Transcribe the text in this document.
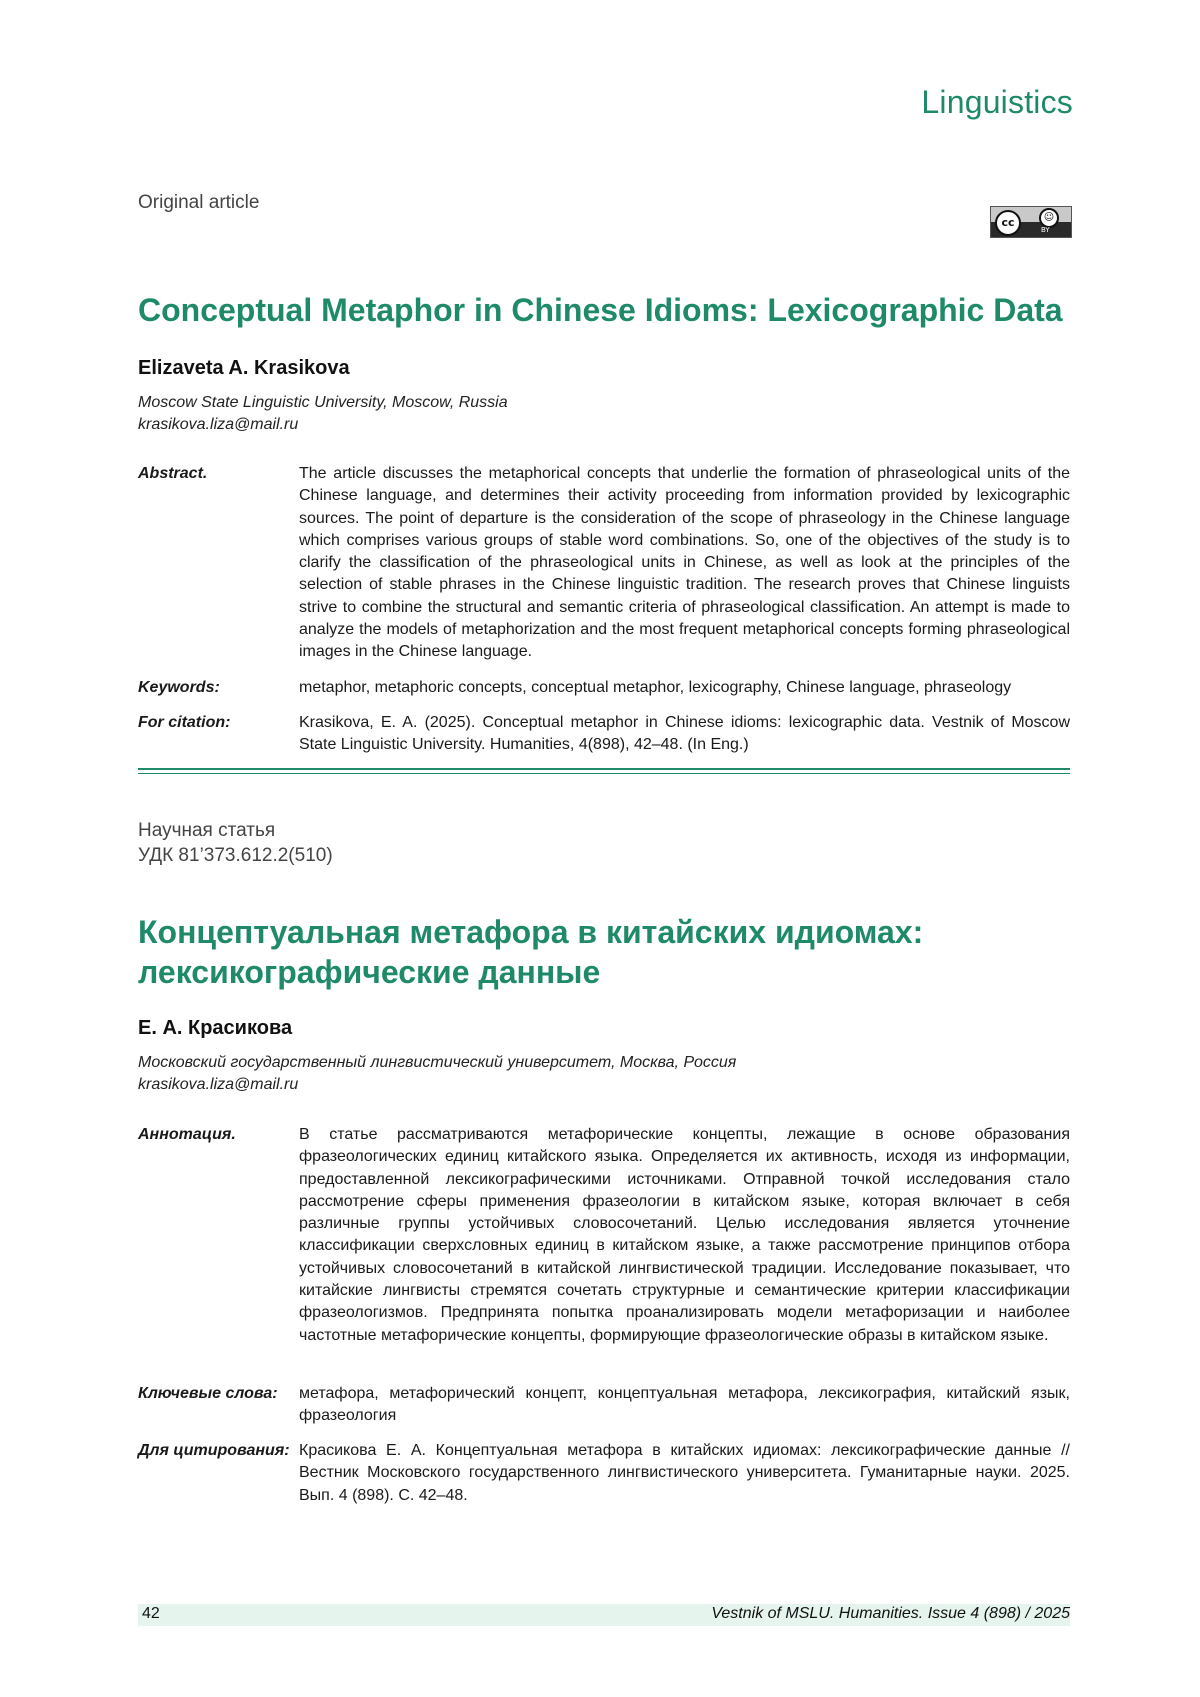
Linguistics
Original article
cc	☺
BY
Conceptual Metaphor in Chinese Idioms: Lexicographic Data
Elizaveta A. Krasikova
Moscow State Linguistic University, Moscow, Russia
krasikova.liza@mail.ru
Abstract.	The article discusses the metaphorical concepts that underlie the formation of phraseological units of the Chinese language, and determines their activity proceeding from information provided by lexicographic sources. The point of departure is the consideration of the scope of phraseology in the Chinese language which comprises various groups of stable word combinations. So, one of the objectives of the study is to clarify the classification of the phraseological units in Chinese, as well as look at the principles of the selection of stable phrases in the Chinese linguistic tradition. The research proves that Chinese linguists strive to combine the structural and semantic criteria of phraseological classification. An attempt is made to analyze the models of metaphorization and the most frequent metaphorical concepts forming phraseological images in the Chinese language.
Keywords:	metaphor, metaphoric concepts, conceptual metaphor, lexicography, Chinese language, phraseology
For citation:	Krasikova, E. A. (2025). Conceptual metaphor in Chinese idioms: lexicographic data. Vestnik of Moscow State Linguistic University. Humanities, 4(898), 42–48. (In Eng.)
Научная статья
УДК 81’373.612.2(510)
Концептуальная метафора в китайских идиомах:
лексикографические данные
Е. А. Красикова
Московский государственный лингвистический университет, Москва, Россия
krasikova.liza@mail.ru
Аннотация.	В статье рассматриваются метафорические концепты, лежащие в основе образования фразеологических единиц китайского языка. Определяется их активность, исходя из информации, предоставленной лексикографическими источниками. Отправной точкой исследования стало рассмотрение сферы применения фразеологии в китайском языке, которая включает в себя различные группы устойчивых словосочетаний. Целью исследования является уточнение классификации сверхсловных единиц в китайском языке, а также рассмотрение принципов отбора устойчивых словосочетаний в китайской лингвистической традиции. Исследование показывает, что китайские лингвисты стремятся сочетать структурные и семантические критерии классификации фразеологизмов. Предпринята попытка проанализировать модели метафоризации и наиболее частотные метафорические концепты, формирующие фразеологические образы в китайском языке.
Ключевые слова: метафора, метафорический концепт, концептуальная метафора, лексикография, китайский язык, фразеология
Для цитирования: Красикова Е. А. Концептуальная метафора в китайских идиомах: лексикографические данные // Вестник Московского государственного лингвистического университета. Гуманитарные науки. 2025. Вып. 4 (898). С. 42–48.
42	Vestnik of MSLU. Humanities. Issue 4 (898) / 2025
